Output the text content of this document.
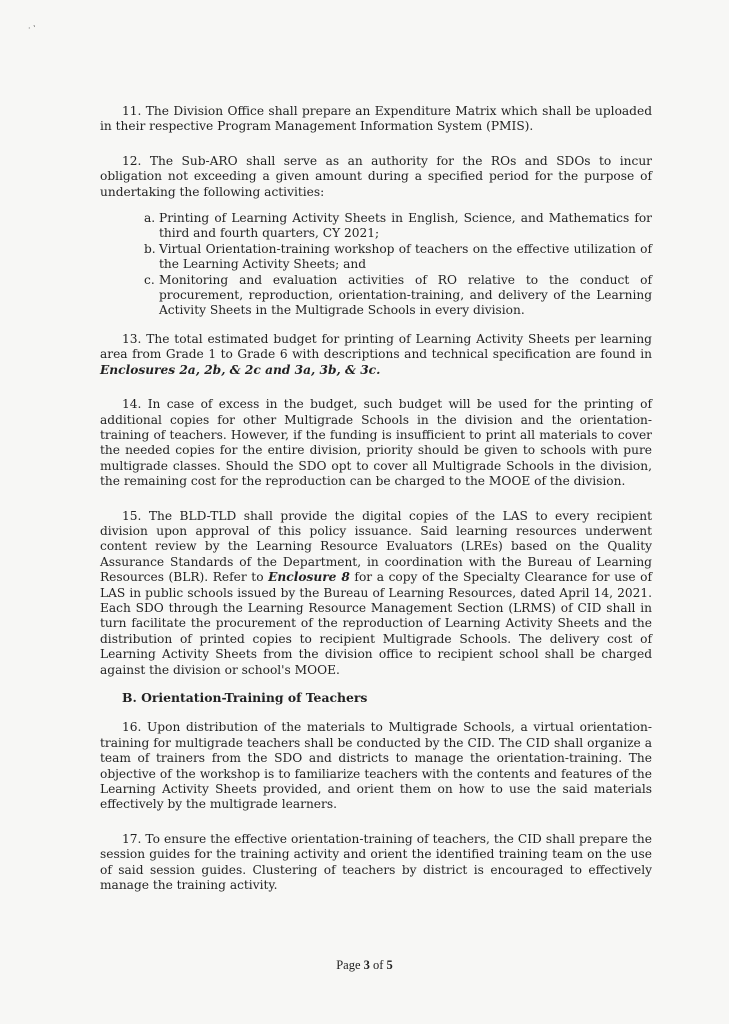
· ‛

11. The Division Office shall prepare an Expenditure Matrix which shall be uploaded in their respective Program Management Information System (PMIS).

12. The Sub-ARO shall serve as an authority for the ROs and SDOs to incur obligation not exceeding a given amount during a specified period for the purpose of undertaking the following activities:

a. Printing of Learning Activity Sheets in English, Science, and Mathematics for third and fourth quarters, CY 2021;
b. Virtual Orientation-training workshop of teachers on the effective utilization of the Learning Activity Sheets; and
c. Monitoring and evaluation activities of RO relative to the conduct of procurement, reproduction, orientation-training, and delivery of the Learning Activity Sheets in the Multigrade Schools in every division.

13. The total estimated budget for printing of Learning Activity Sheets per learning area from Grade 1 to Grade 6 with descriptions and technical specification are found in Enclosures 2a, 2b, & 2c and 3a, 3b, & 3c.

14. In case of excess in the budget, such budget will be used for the printing of additional copies for other Multigrade Schools in the division and the orientation-training of teachers. However, if the funding is insufficient to print all materials to cover the needed copies for the entire division, priority should be given to schools with pure multigrade classes. Should the SDO opt to cover all Multigrade Schools in the division, the remaining cost for the reproduction can be charged to the MOOE of the division.

15. The BLD-TLD shall provide the digital copies of the LAS to every recipient division upon approval of this policy issuance. Said learning resources underwent content review by the Learning Resource Evaluators (LREs) based on the Quality Assurance Standards of the Department, in coordination with the Bureau of Learning Resources (BLR). Refer to Enclosure 8 for a copy of the Specialty Clearance for use of LAS in public schools issued by the Bureau of Learning Resources, dated April 14, 2021. Each SDO through the Learning Resource Management Section (LRMS) of CID shall in turn facilitate the procurement of the reproduction of Learning Activity Sheets and the distribution of printed copies to recipient Multigrade Schools. The delivery cost of Learning Activity Sheets from the division office to recipient school shall be charged against the division or school's MOOE.

B. Orientation-Training of Teachers

16. Upon distribution of the materials to Multigrade Schools, a virtual orientation-training for multigrade teachers shall be conducted by the CID. The CID shall organize a team of trainers from the SDO and districts to manage the orientation-training. The objective of the workshop is to familiarize teachers with the contents and features of the Learning Activity Sheets provided, and orient them on how to use the said materials effectively by the multigrade learners.

17. To ensure the effective orientation-training of teachers, the CID shall prepare the session guides for the training activity and orient the identified training team on the use of said session guides. Clustering of teachers by district is encouraged to effectively manage the training activity.

Page 3 of 5
